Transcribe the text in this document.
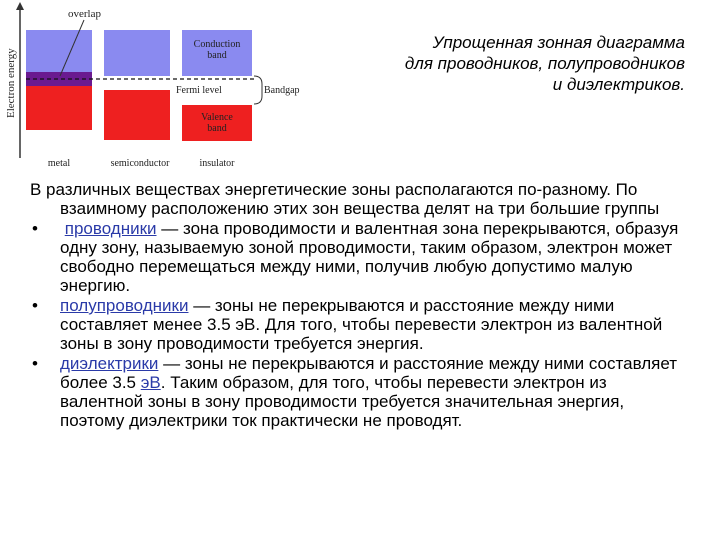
Electron energy
overlap
Conduction
band
Valence
band
Fermi level	Bandgap
metal	semiconductor	insulator
Упрощенная зонная диаграмма
для проводников, полупроводников
и диэлектриков.

В различных веществах энергетические зоны располагаются по-разному. По взаимному расположению этих зон вещества делят на три большие группы

• проводники — зона проводимости и валентная зона перекрываются, образуя одну зону, называемую зоной проводимости, таким образом, электрон может свободно перемещаться между ними, получив любую допустимо малую энергию.
• полупроводники — зоны не перекрываются и расстояние между ними составляет менее 3.5 эВ. Для того, чтобы перевести электрон из валентной зоны в зону проводимости требуется энергия.
• диэлектрики — зоны не перекрываются и расстояние между ними составляет более 3.5 эВ. Таким образом, для того, чтобы перевести электрон из валентной зоны в зону проводимости требуется значительная энергия, поэтому диэлектрики ток практически не проводят.
